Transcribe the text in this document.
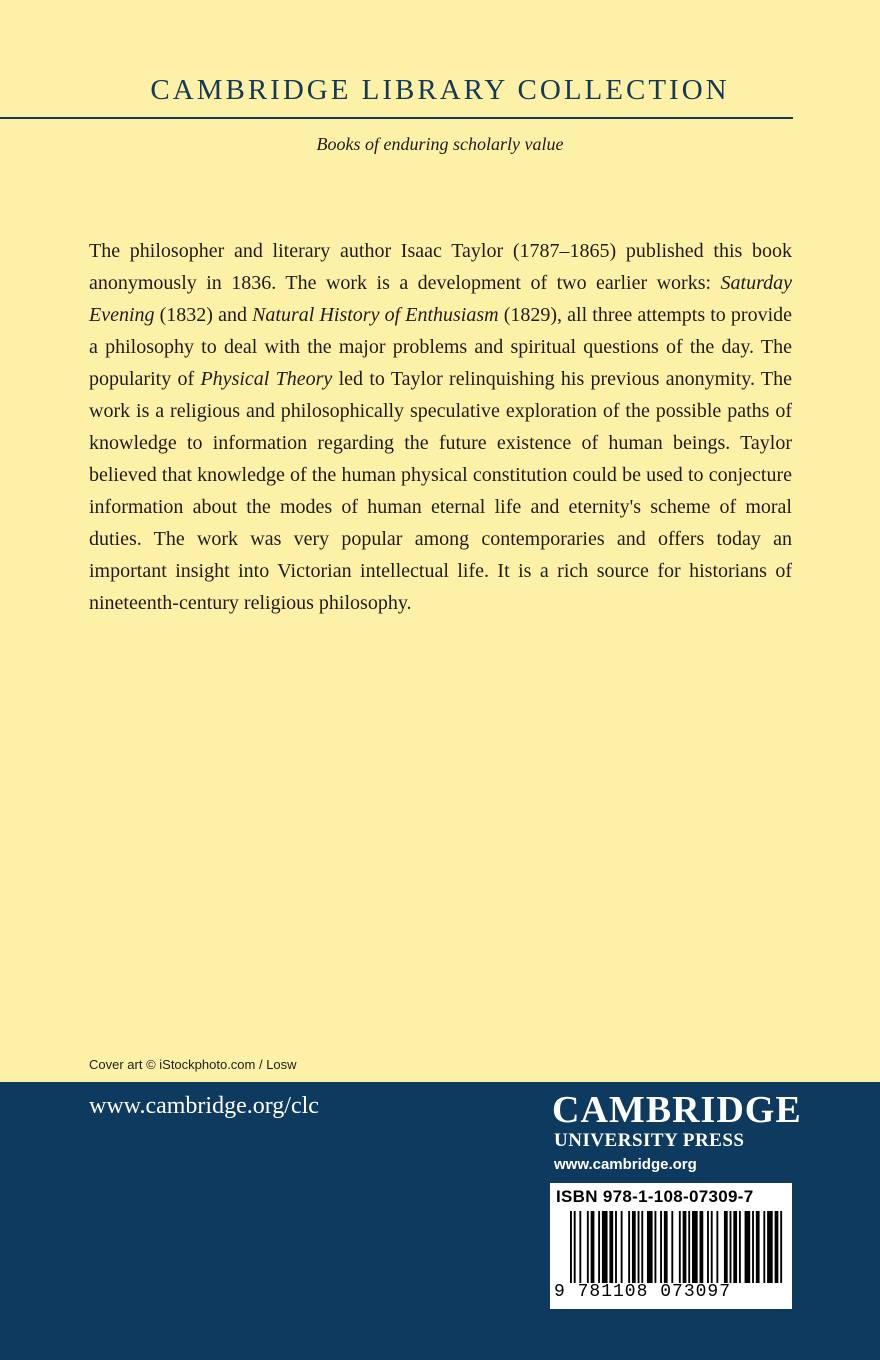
CAMBRIDGE LIBRARY COLLECTION
Books of enduring scholarly value

The philosopher and literary author Isaac Taylor (1787–1865) published this book anonymously in 1836. The work is a development of two earlier works: Saturday Evening (1832) and Natural History of Enthusiasm (1829), all three attempts to provide a philosophy to deal with the major problems and spiritual questions of the day. The popularity of Physical Theory led to Taylor relinquishing his previous anonymity. The work is a religious and philosophically speculative exploration of the possible paths of knowledge to information regarding the future existence of human beings. Taylor believed that knowledge of the human physical constitution could be used to conjecture information about the modes of human eternal life and eternity's scheme of moral duties. The work was very popular among contemporaries and offers today an important insight into Victorian intellectual life. It is a rich source for historians of nineteenth-century religious philosophy.

Cover art © iStockphoto.com / Losw
www.cambridge.org/clc	CAMBRIDGE
UNIVERSITY PRESS
www.cambridge.org
ISBN 978-1-108-07309-7
9 781108 073097
